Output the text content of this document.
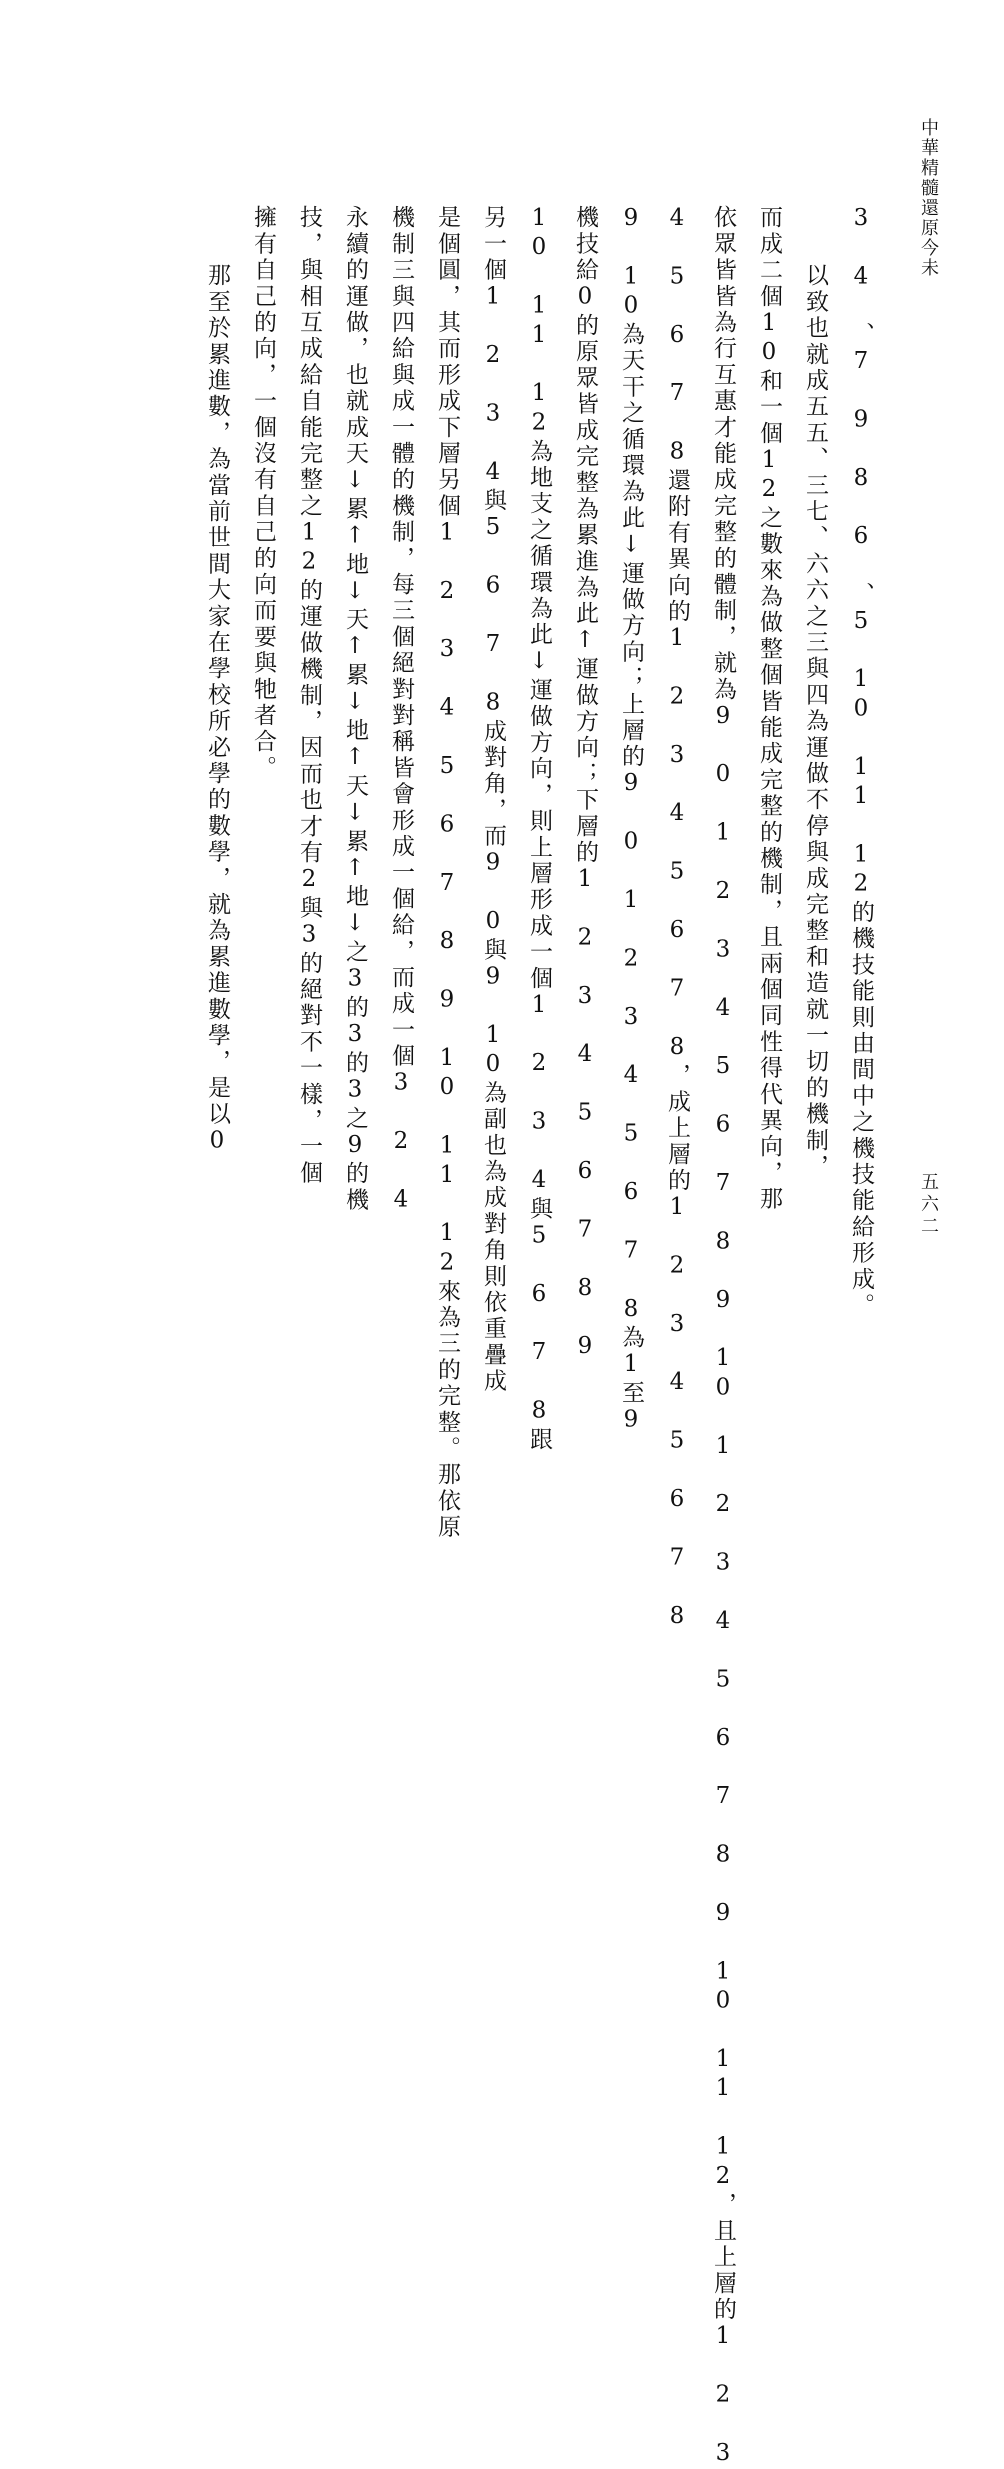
中華精髓還原今未
五六二
3 4 、7 9 8 6 、5 10 11 12的機技能則由間中之機技能給形成。
以致也就成五五、三七、六六之三與四為運做不停與成完整和造就一切的機制，
而成二個10和一個12之數來為做整個皆能成完整的機制，且兩個同性得代異向，那
依眾皆皆為行互惠才能成完整的體制，就為9 0 1 2 3 4 5 6 7 8 9 10 1 2 3 4 5 6 7 8 9 10 11 12，且上層的1 2 3
4 5 6 7 8還附有異向的1 2 3 4 5 6 7 8，成上層的1 2 3 4 5 6 7 8
9 10為天干之循環為此↓運做方向；上層的9 0 1 2 3 4 5 6 7 8為1至9
機技給0的原眾皆成完整為累進為此↑運做方向；下層的1 2 3 4 5 6 7 8 9
10 11 12為地支之循環為此↓運做方向，則上層形成一個1 2 3 4與5 6 7 8跟
另一個1 2 3 4與5 6 7 8成對角，而9 0與9 10為副也為成對角則依重疊成
是個圓，其而形成下層另個1 2 3 4 5 6 7 8 9 10 11 12來為三的完整。那依原
機制三與四給與成一體的機制，每三個絕對對稱皆會形成一個給，而成一個3 2 4
永續的運做，也就成天↓累↑地↓天↑累↓地↑天↓累↑地↓之3的3的3之9的機
技，與相互成給自能完整之12的運做機制，因而也才有2與3的絕對不一樣，一個
擁有自己的向，一個沒有自己的向而要與牠者合。
那至於累進數，為當前世間大家在學校所必學的數學，就為累進數學，是以0
